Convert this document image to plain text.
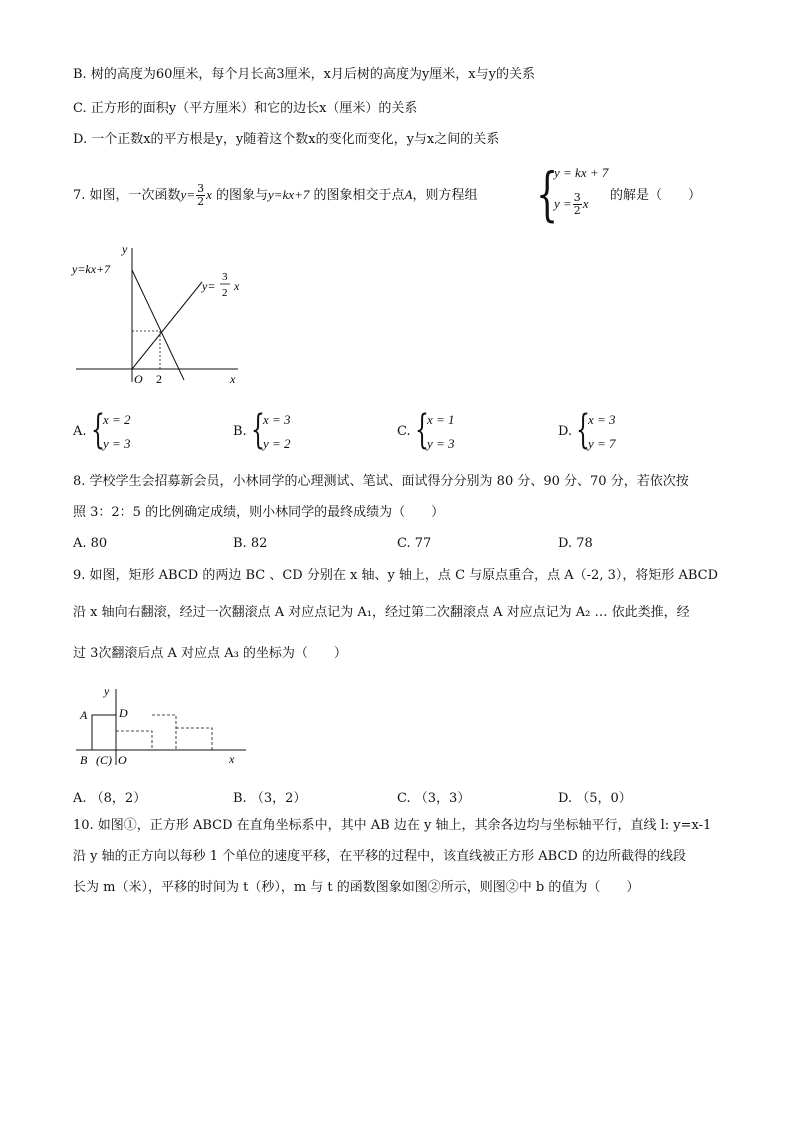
B. 树的高度为60厘米，每个月长高3厘米，x月后树的高度为y厘米，x与y的关系
C. 正方形的面积y（平方厘米）和它的边长x（厘米）的关系
D. 一个正数x的平方根是y，y随着这个数x的变化而变化，y与x之间的关系
7. 如图，一次函数$y= \frac{3}{2}$ x 的图象与y=kx+7 的图象相交于点A，则方程组 {
y = kx + 7
$y = \frac{3}{2}$ x
的解是（　　）
y
x
O 2
y=kx+7
y=
3
2 x
A. {
x = 2
y = 3
B. {
x = 3
y = 2
C. {
x = 1
y = 3
D. {
x = 3
y = 7
8. 学校学生会招募新会员，小林同学的心理测试、笔试、面试得分分别为 80 分、90 分、70 分，若依次按
照 3：2：5 的比例确定成绩，则小林同学的最终成绩为（　　）
A. 80	B. 82	C. 77	D. 78
9. 如图，矩形 ABCD 的两边 BC 、CD 分别在 x 轴、y 轴上，点 C 与原点重合，点 A（-2, 3），将矩形 ABCD
沿 x 轴向右翻滚，经过一次翻滚点 A 对应点记为 A₁，经过第二次翻滚点 A 对应点记为 A₂ … 依此类推，经
过 3次翻滚后点 A 对应点 A₃ 的坐标为（　　）
y
x
A	D
B (C) O
A. （8，2）	B. （3，2）	C. （3，3）	D. （5，0）
10. 如图①，正方形 ABCD 在直角坐标系中，其中 AB 边在 y 轴上，其余各边均与坐标轴平行，直线 l: y=x-1
沿 y 轴的正方向以每秒 1 个单位的速度平移，在平移的过程中，该直线被正方形 ABCD 的边所截得的线段
长为 m（米），平移的时间为 t（秒），m 与 t 的函数图象如图②所示，则图②中 b 的值为（　　）
